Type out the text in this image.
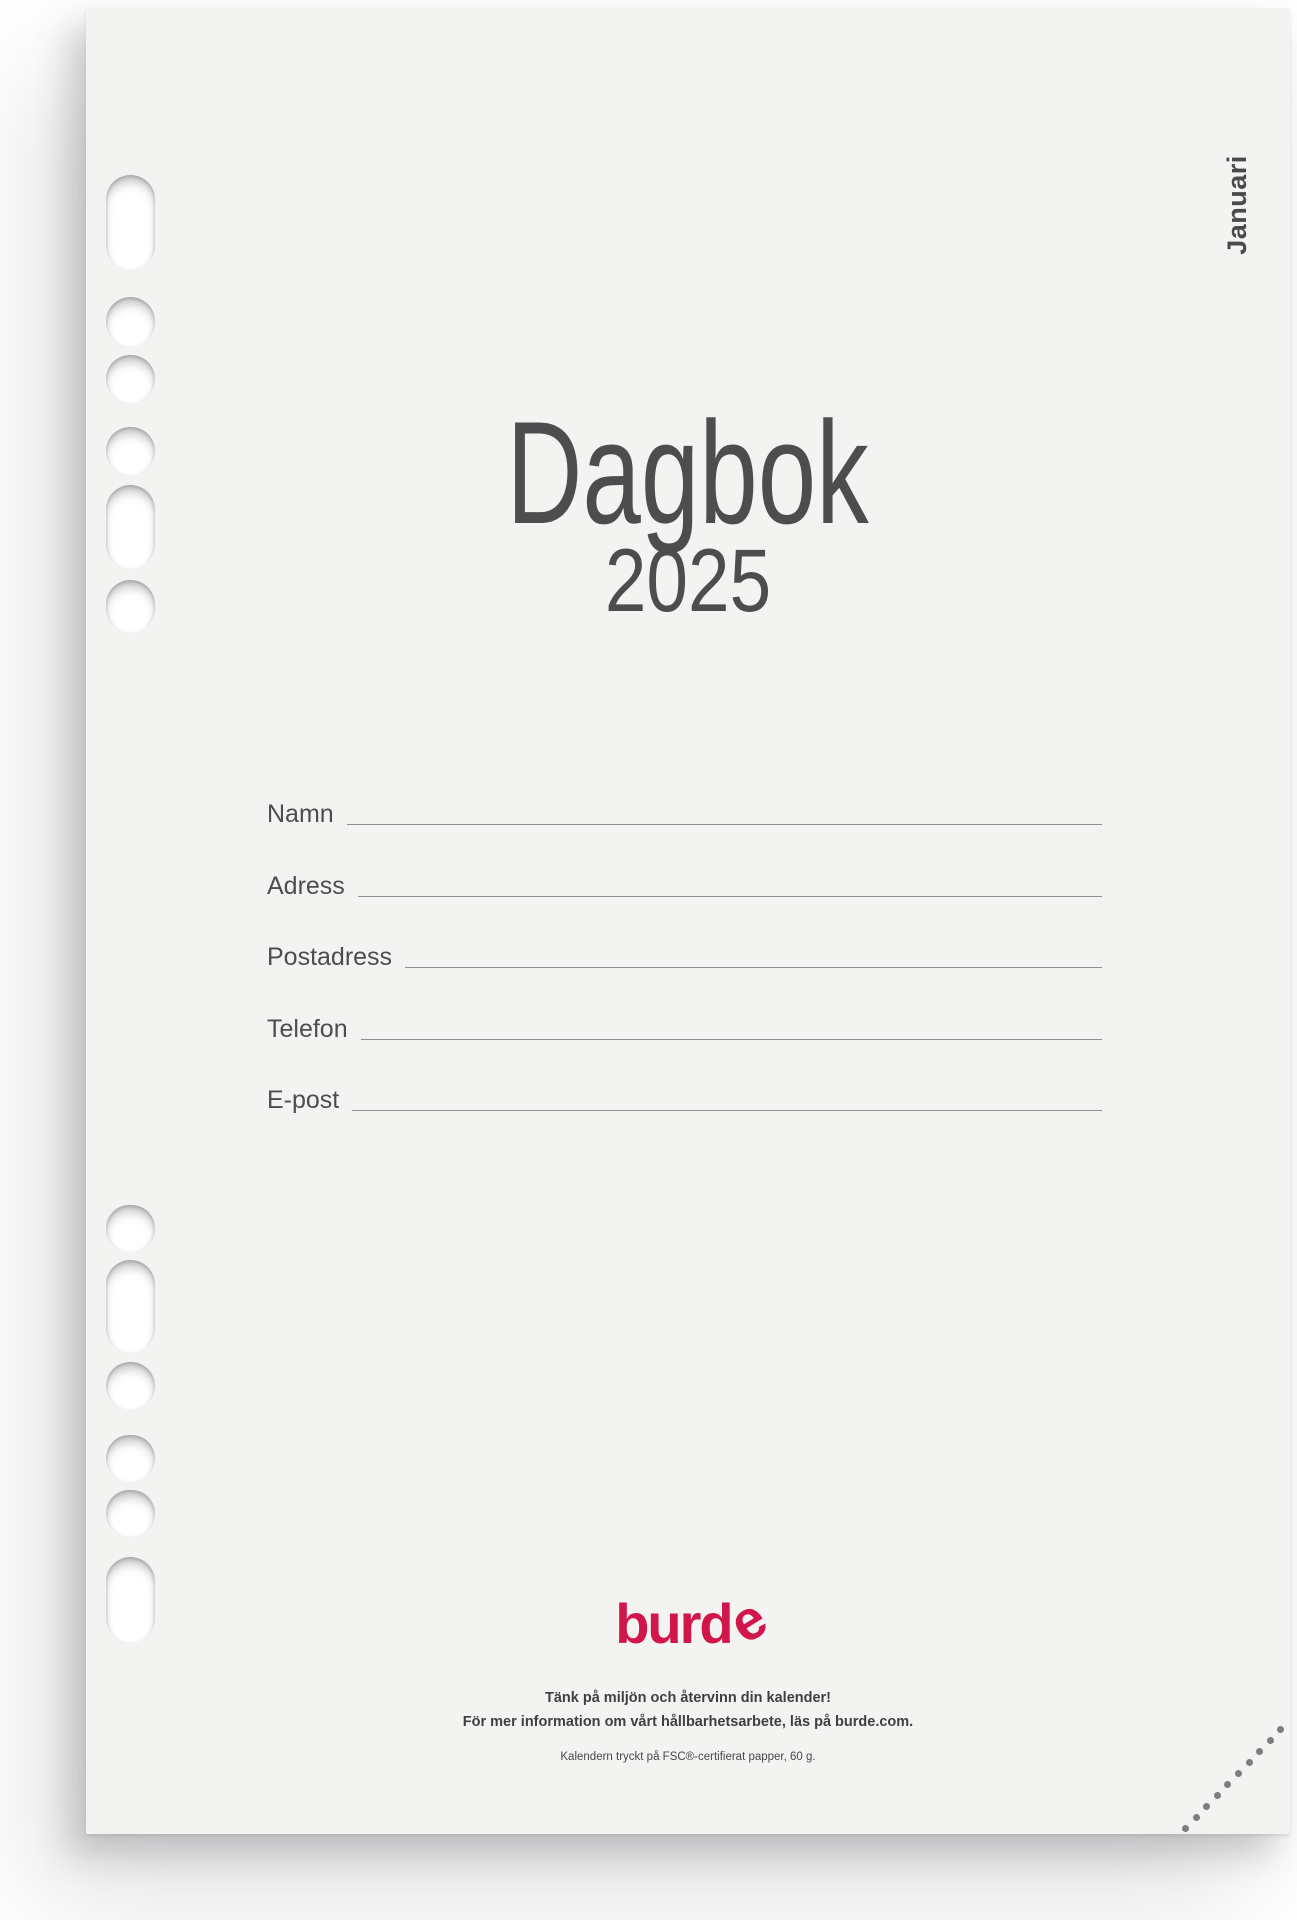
Januari
Dagbok
2025
Namn
Adress
Postadress
Telefon
E-post
burde
Tänk på miljön och återvinn din kalender!
För mer information om vårt hållbarhetsarbete, läs på burde.com.
Kalendern tryckt på FSC®-certifierat papper, 60 g.
